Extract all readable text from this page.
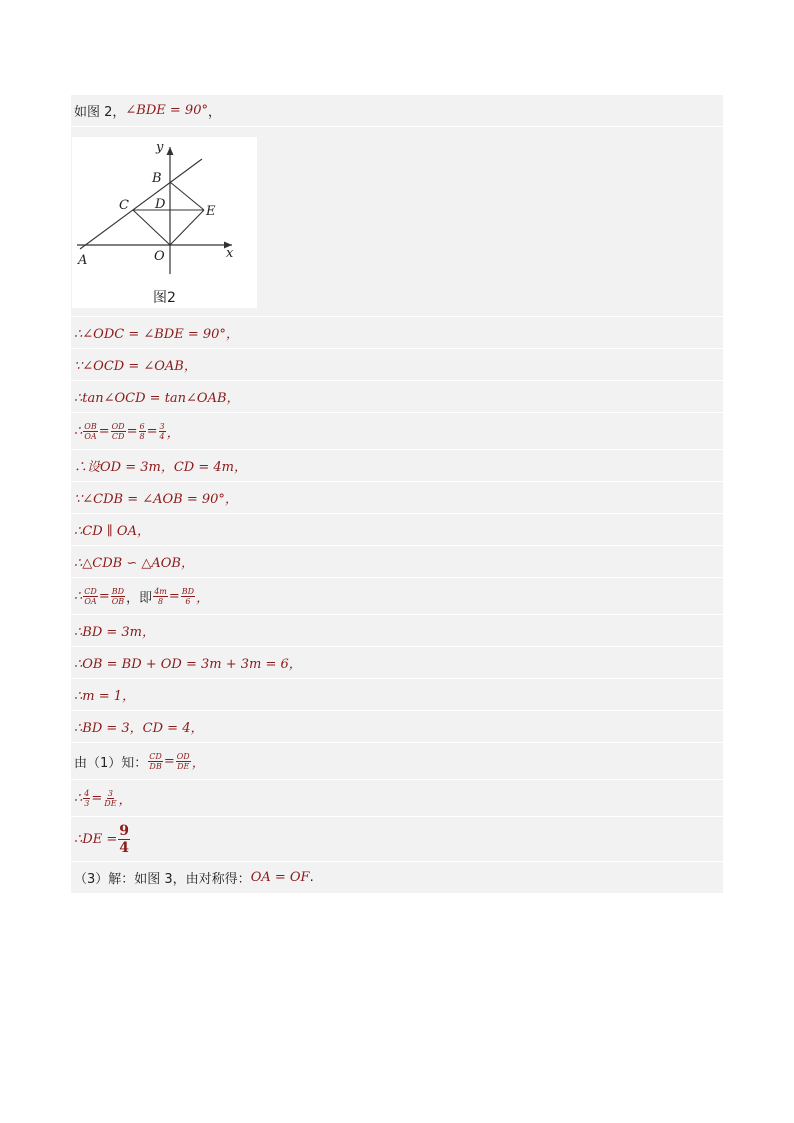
如图 2， ∠BDE = 90° ，
y
x
B
C D	E
A	O
图2
∴∠ODC = ∠BDE = 90°，
∵∠OCD = ∠OAB，
∴tan∠OCD = tan∠OAB，
∴ $\frac{OB}{OA} = \frac{OD}{CD} = \frac{6}{8} = \frac{3}{4}$ ，
∴设OD = 3m，CD = 4m，
∵∠CDB = ∠AOB = 90°，
∴CD ∥ OA，
∴△CDB ∽ △AOB，
∴ $\frac{CD}{OA} = \frac{BD}{OB}$ ，即 $\frac{4m}{8} = \frac{BD}{6}$ ，
∴BD = 3m，
∴OB = BD + OD = 3m + 3m = 6，
∴m = 1，
∴BD = 3，CD = 4，
由（1）知： $\frac{CD}{DB} = \frac{OD}{DE}$ ，
∴ $\frac{4}{3} = \frac{3}{DE}$ ，
∴DE = $\frac{9}{4}$
（3）解：如图 3，由对称得： OA = OF .
